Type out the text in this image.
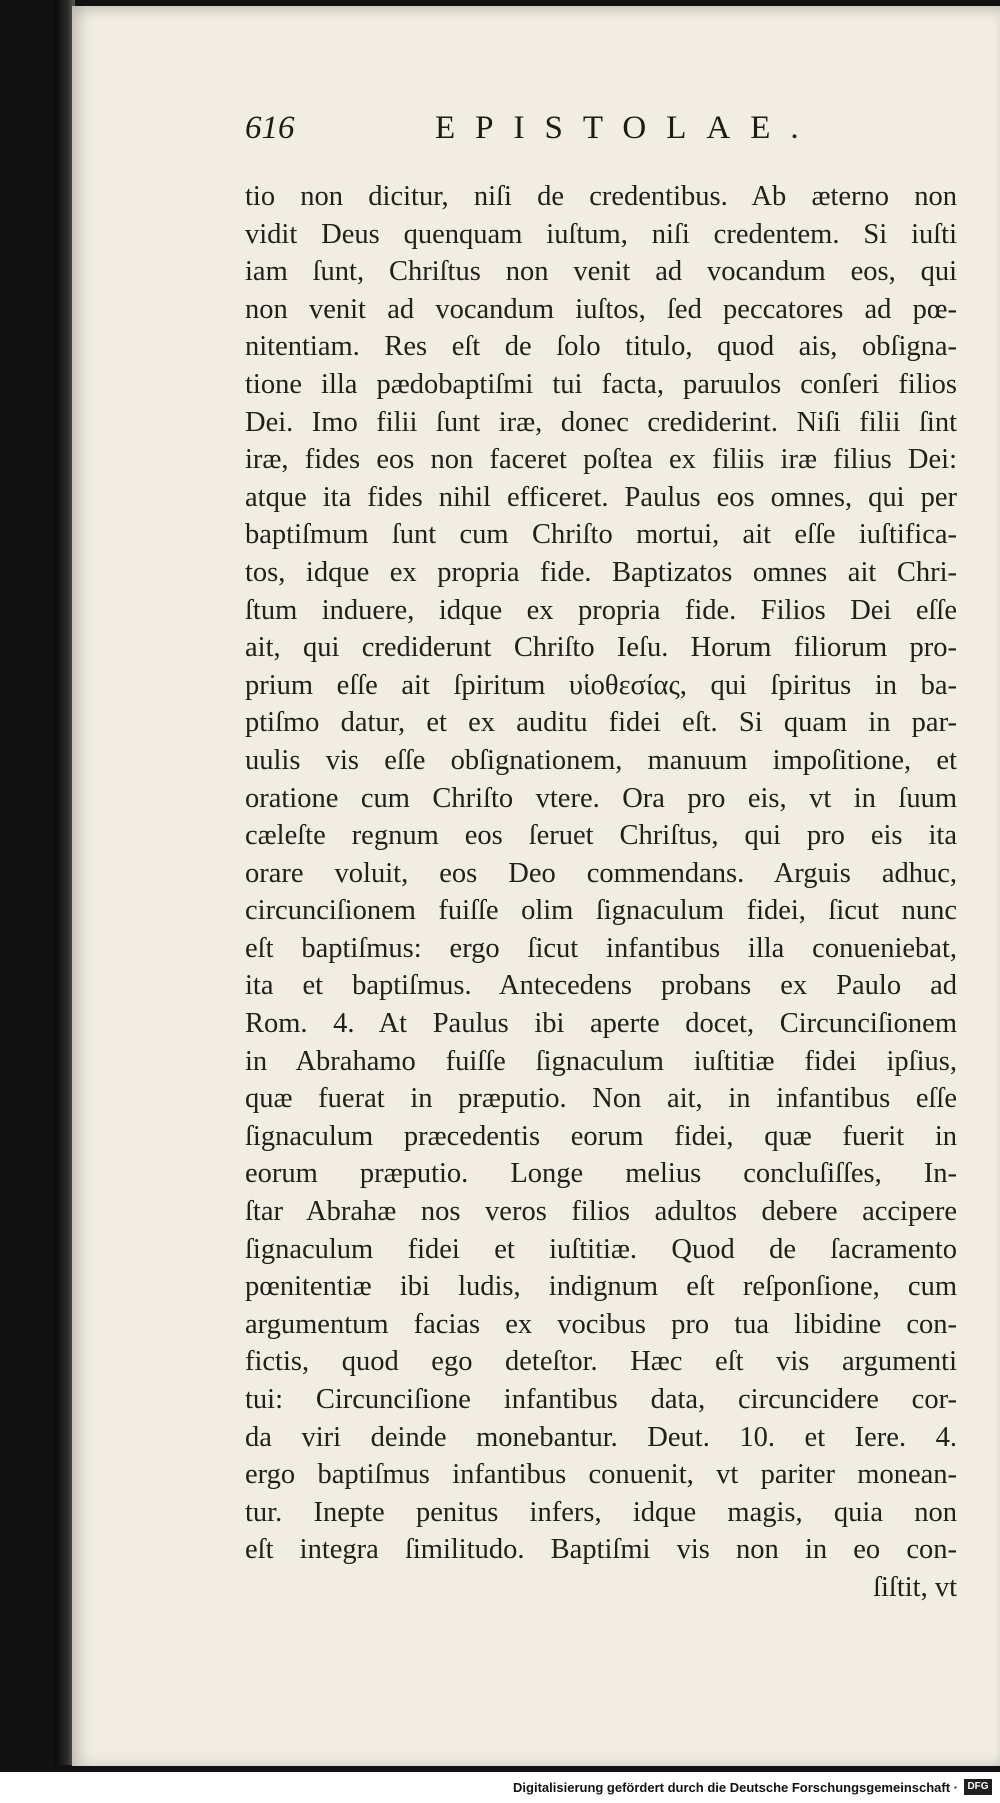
616	EPISTOLAE.
tio non dicitur, niſi de credentibus. Ab æterno non
vidit Deus quenquam iuſtum, niſi credentem. Si iuſti
iam ſunt, Chriſtus non venit ad vocandum eos, qui
non venit ad vocandum iuſtos, ſed peccatores ad pœ-
nitentiam. Res eſt de ſolo titulo, quod ais, obſigna-
tione illa pædobaptiſmi tui facta, paruulos conſeri filios
Dei. Imo filii ſunt iræ, donec crediderint. Niſi filii ſint
iræ, fides eos non faceret poſtea ex filiis iræ filius Dei:
atque ita fides nihil efficeret. Paulus eos omnes, qui per
baptiſmum ſunt cum Chriſto mortui, ait eſſe iuſtifica-
tos, idque ex propria fide. Baptizatos omnes ait Chri-
ſtum induere, idque ex propria fide. Filios Dei eſſe
ait, qui crediderunt Chriſto Ieſu. Horum filiorum pro-
prium eſſe ait ſpiritum υἱοθεσίας, qui ſpiritus in ba-
ptiſmo datur, et ex auditu fidei eſt. Si quam in par-
uulis vis eſſe obſignationem, manuum impoſitione, et
oratione cum Chriſto vtere. Ora pro eis, vt in ſuum
cæleſte regnum eos ſeruet Chriſtus, qui pro eis ita
orare voluit, eos Deo commendans. Arguis adhuc,
circunciſionem fuiſſe olim ſignaculum fidei, ſicut nunc
eſt baptiſmus: ergo ſicut infantibus illa conueniebat,
ita et baptiſmus. Antecedens probans ex Paulo ad
Rom. 4. At Paulus ibi aperte docet, Circunciſionem
in Abrahamo fuiſſe ſignaculum iuſtitiæ fidei ipſius,
quæ fuerat in præputio. Non ait, in infantibus eſſe
ſignaculum præcedentis eorum fidei, quæ fuerit in
eorum præputio. Longe melius concluſiſſes, In-
ſtar Abrahæ nos veros filios adultos debere accipere
ſignaculum fidei et iuſtitiæ. Quod de ſacramento
pœnitentiæ ibi ludis, indignum eſt reſponſione, cum
argumentum facias ex vocibus pro tua libidine con-
fictis, quod ego deteſtor. Hæc eſt vis argumenti
tui: Circunciſione infantibus data, circuncidere cor-
da viri deinde monebantur. Deut. 10. et Iere. 4.
ergo baptiſmus infantibus conuenit, vt pariter monean-
tur. Inepte penitus infers, idque magis, quia non
eſt integra ſimilitudo. Baptiſmi vis non in eo con-
ſiſtit, vt
Digitalisierung gefördert durch die Deutsche Forschungsgemeinschaft · DFG
